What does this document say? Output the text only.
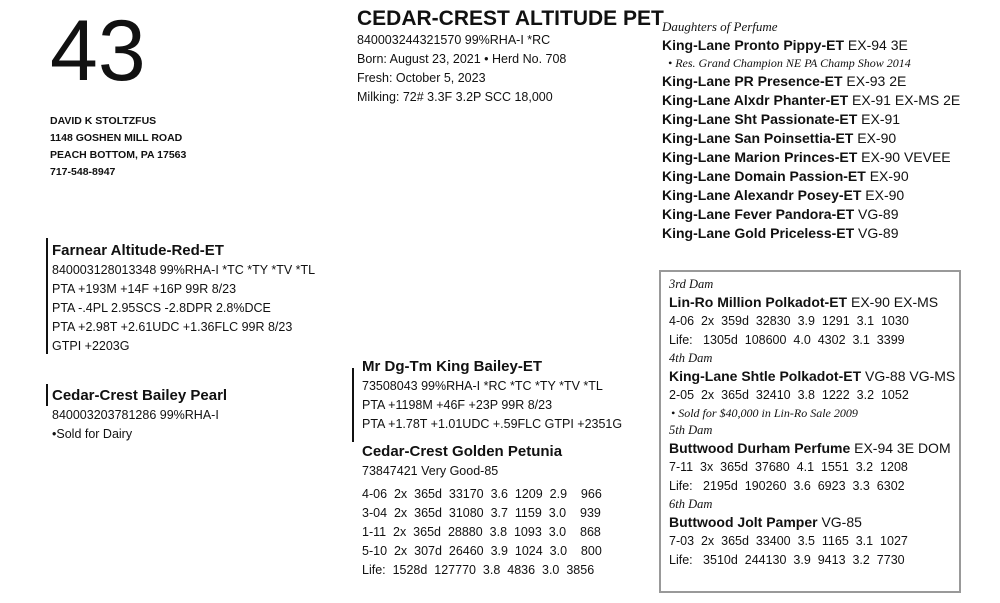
43
DAVID K STOLTZFUS
1148 GOSHEN MILL ROAD
PEACH BOTTOM, PA 17563
717-548-8947
CEDAR-CREST ALTITUDE PET
840003244321570 99%RHA-I *RC
Born: August 23, 2021 • Herd No. 708
Fresh: October 5, 2023
Milking: 72# 3.3F 3.2P SCC 18,000
Farnear Altitude-Red-ET
840003128013348 99%RHA-I *TC *TY *TV *TL
PTA +193M +14F +16P 99R 8/23
PTA -.4PL 2.95SCS -2.8DPR 2.8%DCE
PTA +2.98T +2.61UDC +1.36FLC 99R 8/23
GTPI +2203G
Cedar-Crest Bailey Pearl
840003203781286 99%RHA-I
•Sold for Dairy
Mr Dg-Tm King Bailey-ET
73508043 99%RHA-I *RC *TC *TY *TV *TL
PTA +1198M +46F +23P 99R 8/23
PTA +1.78T +1.01UDC +.59FLC GTPI +2351G
Cedar-Crest Golden Petunia
73847421 Very Good-85
4-06  2x  365d  33170  3.6  1209  2.9    966
3-04  2x  365d  31080  3.7  1159  3.0    939
1-11  2x  365d  28880  3.8  1093  3.0    868
5-10  2x  307d  26460  3.9  1024  3.0    800
Life:  1528d  127770  3.8  4836  3.0  3856
Daughters of Perfume
King-Lane Pronto Pippy-ET EX-94 3E
• Res. Grand Champion NE PA Champ Show 2014
King-Lane PR Presence-ET EX-93 2E
King-Lane Alxdr Phanter-ET EX-91 EX-MS 2E
King-Lane Sht Passionate-ET EX-91
King-Lane San Poinsettia-ET EX-90
King-Lane Marion Princes-ET EX-90 VEVEE
King-Lane Domain Passion-ET EX-90
King-Lane Alexandr Posey-ET EX-90
King-Lane Fever Pandora-ET VG-89
King-Lane Gold Priceless-ET VG-89
3rd Dam
Lin-Ro Million Polkadot-ET EX-90 EX-MS
4-06  2x  359d  32830  3.9  1291  3.1  1030
Life:   1305d  108600  4.0  4302  3.1  3399
4th Dam
King-Lane Shtle Polkadot-ET VG-88 VG-MS
2-05  2x  365d  32410  3.8  1222  3.2  1052
• Sold for $40,000 in Lin-Ro Sale 2009
5th Dam
Buttwood Durham Perfume EX-94 3E DOM
7-11  3x  365d  37680  4.1  1551  3.2  1208
Life:   2195d  190260  3.6  6923  3.3  6302
6th Dam
Buttwood Jolt Pamper VG-85
7-03  2x  365d  33400  3.5  1165  3.1  1027
Life:   3510d  244130  3.9  9413  3.2  7730
